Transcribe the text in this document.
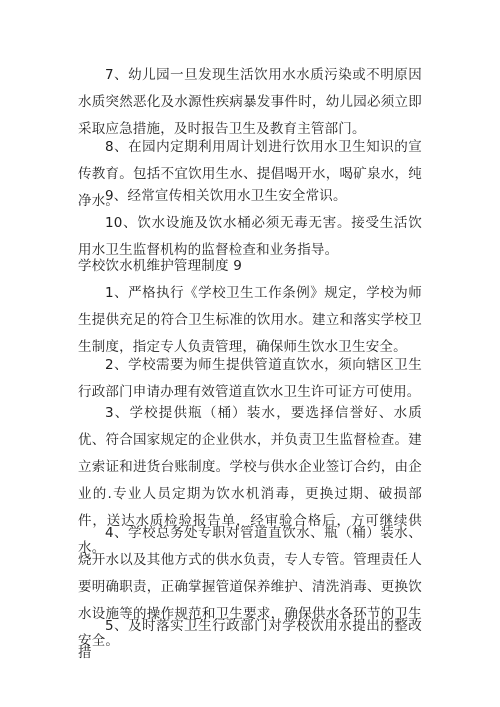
7、幼儿园一旦发现生活饮用水水质污染或不明原因水质突然恶化及水源性疾病暴发事件时，幼儿园必须立即采取应急措施，及时报告卫生及教育主管部门。

8、在园内定期利用周计划进行饮用水卫生知识的宣传教育。包括不宜饮用生水、提倡喝开水，喝矿泉水，纯净水。

9、经常宣传相关饮用水卫生安全常识。

10、饮水设施及饮水桶必须无毒无害。接受生活饮用水卫生监督机构的监督检查和业务指导。

学校饮水机维护管理制度 9

1、严格执行《学校卫生工作条例》规定，学校为师生提供充足的符合卫生标准的饮用水。建立和落实学校卫生制度，指定专人负责管理，确保师生饮水卫生安全。

2、学校需要为师生提供管道直饮水，须向辖区卫生行政部门申请办理有效管道直饮水卫生许可证方可使用。

3、学校提供瓶（桶）装水，要选择信誉好、水质优、符合国家规定的企业供水，并负责卫生监督检查。建立索证和进货台账制度。学校与供水企业签订合约，由企业的.专业人员定期为饮水机消毒，更换过期、破损部件，送达水质检验报告单，经审验合格后，方可继续供水。

4、学校总务处专职对管道直饮水、瓶（桶）装水、烧开水以及其他方式的供水负责，专人专管。管理责任人要明确职责，正确掌握管道保养维护、清洗消毒、更换饮水设施等的操作规范和卫生要求，确保供水各环节的卫生安全。

5、及时落实卫生行政部门对学校饮用水提出的整改措
